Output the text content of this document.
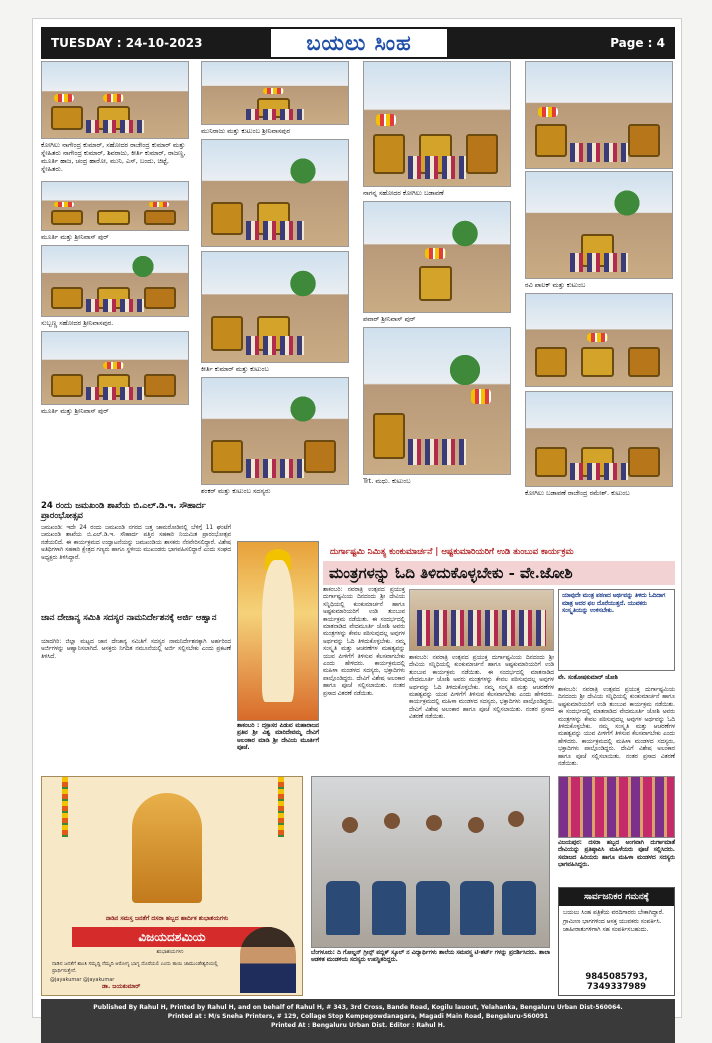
TUESDAY : 24-10-2023	ಬಯಲು ಸಿಂಹ	Page : 4
ಕೋಗಿಲು ನಾಗೇಂದ್ರ ಕುಮಾರ್, ಸಹೋದರ ರಾಜೇಂದ್ರ ಕುಮಾರ್ ಮತ್ತು ಸ್ನೇಹಿತರು ನಾಗೇಂದ್ರ ಕುಮಾರ್, ಶಿವರಾಜು, ಕೀರ್ತಿ ಕುಮಾರ್, ರಾಜಣ್ಣ, ಮೂರ್ತಿ ಹಾಜ, ಚಂದ್ರ ಹಾರೋ, ಮುನಿ, ಎಸ್, ಬಂದು, ಚಿಟ್ಟೆ, ಸ್ನೇಹಿತರು.
ಮೂರ್ತಿ ಮತ್ತು ಶ್ರೀನಿವಾಸ್ ಪುರ್
ಸುಬ್ಬಣ್ಣ ಸಹೋದರ ಶ್ರೀನಿವಾಸಪುರ.
ಮೂರ್ತಿ ಮತ್ತು ಶ್ರೀನಿವಾಸ್ ಪುರ್
ಮುನಿರಾಜು ಮತ್ತು ಕುಟುಂಬ ಶ್ರೀನಿವಾಸಪುರ
ಕೀರ್ತಿ ಕುಮಾರ್ ಮತ್ತು ಕುಟುಂಬ
ಶಂಕರ್ ಮತ್ತು ಕುಟುಂಬ ಸದಸ್ಯರು
ನಾಗನ್ನ ಸಹೋದರ ಕೋಗಿಲು ಬಡಾವಣೆ
ಪವಾರ್ ಶ್ರೀನಿವಾಸ್ ಪುರ್
Trt. ಮಧು. ಕುಟುಂಬ
ರವಿ ಪಾಲಕ್ ಮತ್ತು ಕುಟುಂಬ
ಕೋಗಿಲು ಬಡಾವಣೆ ರಾಜೇಂದ್ರ ರಮೇಶ್. ಕುಟುಂಬ
24 ರಂದು ಜಮಖಂಡಿ ಶಾಖೆಯ ಬಿ.ಎಲ್.ಡಿ.ಇ. ಸೌಹಾರ್ದ ಪ್ರಾರಂಭೋತ್ಸವ
ಜಮಖಂಡಿ: ಇದೇ 24 ರಂದು ಜಮಖಂಡಿ ನಗರದ ಜತ್ತ ಜಾಮರೋಡಿನಲ್ಲಿ ಬೆಳಿಗ್ಗೆ 11 ಘಂಟೆಗೆ ಜಮಖಂಡಿ ಶಾಖೆಯ ಬಿ.ಎಲ್.ಡಿ.ಇ. ಸೌಹಾರ್ದ ಪತ್ತಿನ ಸಹಕಾರಿ ನಿಯಮಿತ ಪ್ರಾರಂಭೋತ್ಸವ ನಡೆಯಲಿದೆ. ಈ ಕಾರ್ಯಕ್ರಮದ ಉದ್ಘಾಟನೆಯನ್ನು ಜಮಖಂಡಿಯ ಶಾಸಕರು ನೆರವೇರಿಸಲಿದ್ದಾರೆ. ವಿಶೇಷ ಅತಿಥಿಗಳಾಗಿ ಸಹಕಾರಿ ಕ್ಷೇತ್ರದ ಗಣ್ಯರು ಹಾಗೂ ಸ್ಥಳೀಯ ಮುಖಂಡರು ಭಾಗವಹಿಸಲಿದ್ದಾರೆ ಎಂದು ಸಂಘದ ಅಧ್ಯಕ್ಷರು ತಿಳಿಸಿದ್ದಾರೆ.
ಜಾನ ದೇಜಾನ್ಯ ಸಮಿತಿ ಸದಸ್ಯರ ನಾಮನಿರ್ದೇಶನಕ್ಕೆ ಅರ್ಜಿ ಆಹ್ವಾನ
ಯಾದಗಿರಿ: ಜಿಲ್ಲಾ ಮಟ್ಟದ ಜಾನ ದೇಜಾನ್ಯ ಸಮಿತಿಗೆ ಸದಸ್ಯರ ನಾಮನಿರ್ದೇಶನಕ್ಕಾಗಿ ಅರ್ಹರಿಂದ ಅರ್ಜಿಗಳನ್ನು ಆಹ್ವಾನಿಸಲಾಗಿದೆ. ಆಸಕ್ತರು ನಿಗದಿತ ನಮೂನೆಯಲ್ಲಿ ಅರ್ಜಿ ಸಲ್ಲಿಸಬೇಕು ಎಂದು ಪ್ರಕಟಣೆ ತಿಳಿಸಿದೆ.
ಶಾಕಂಬರಿ : ದಸ್ರಾಸರ ಪಿಡುವ ಮಹಾರಾಜನ ಪ್ರತಿವ ಶ್ರೀ ವಿಶ್ವ ಮಾರಿದೇವಮ್ಮ ದೇವಿಗೆ ಅಲಂಕಾರ ಮಾಡಿ ಶ್ರೀ ದೇವಿಯ ಮೂರ್ತಿಗೆ ಪೂಜೆ.
ದುರ್ಗಾಷ್ಟಮಿ ನಿಮಿತ್ಯ ಕುಂಕುಮಾರ್ಚನೆ | ಆಷ್ಟಕುಮಾರಿಯರಿಗೆ ಉಡಿ ತುಂಬುವ ಕಾರ್ಯಕ್ರಮ
ಮಂತ್ರಗಳನ್ನು ಓದಿ ತಿಳಿದುಕೊಳ್ಳಬೇಕು - ವೇ.ಜೋಶಿ
ಶಾಕಂಬರಿ: ನವರಾತ್ರಿ ಉತ್ಸವದ ಪ್ರಯುಕ್ತ ದುರ್ಗಾಷ್ಟಮಿಯ ದಿನದಂದು ಶ್ರೀ ದೇವಿಯ ಸನ್ನಿಧಿಯಲ್ಲಿ ಕುಂಕುಮಾರ್ಚನೆ ಹಾಗೂ ಅಷ್ಟಕುಮಾರಿಯರಿಗೆ ಉಡಿ ತುಂಬುವ ಕಾರ್ಯಕ್ರಮ ನಡೆಯಿತು. ಈ ಸಂದರ್ಭದಲ್ಲಿ ಮಾತನಾಡಿದ ವೇದಮೂರ್ತಿ ಜೋಶಿ ಅವರು ಮಂತ್ರಗಳನ್ನು ಕೇವಲ ಪಠಿಸುವುದಲ್ಲ ಅವುಗಳ ಅರ್ಥವನ್ನು ಓದಿ ತಿಳಿದುಕೊಳ್ಳಬೇಕು. ನಮ್ಮ ಸಂಸ್ಕೃತಿ ಮತ್ತು ಆಚರಣೆಗಳ ಮಹತ್ವವನ್ನು ಯುವ ಪೀಳಿಗೆಗೆ ತಿಳಿಸುವ ಕೆಲಸವಾಗಬೇಕು ಎಂದು ಹೇಳಿದರು. ಕಾರ್ಯಕ್ರಮದಲ್ಲಿ ಮಹಿಳಾ ಮಂಡಳದ ಸದಸ್ಯರು, ಭಕ್ತಾದಿಗಳು ಪಾಲ್ಗೊಂಡಿದ್ದರು. ದೇವಿಗೆ ವಿಶೇಷ ಅಲಂಕಾರ ಹಾಗೂ ಪೂಜೆ ಸಲ್ಲಿಸಲಾಯಿತು. ನಂತರ ಪ್ರಸಾದ ವಿತರಣೆ ನಡೆಯಿತು.
ಶಾಕಂಬರಿ: ನವರಾತ್ರಿ ಉತ್ಸವದ ಪ್ರಯುಕ್ತ ದುರ್ಗಾಷ್ಟಮಿಯ ದಿನದಂದು ಶ್ರೀ ದೇವಿಯ ಸನ್ನಿಧಿಯಲ್ಲಿ ಕುಂಕುಮಾರ್ಚನೆ ಹಾಗೂ ಅಷ್ಟಕುಮಾರಿಯರಿಗೆ ಉಡಿ ತುಂಬುವ ಕಾರ್ಯಕ್ರಮ ನಡೆಯಿತು. ಈ ಸಂದರ್ಭದಲ್ಲಿ ಮಾತನಾಡಿದ ವೇದಮೂರ್ತಿ ಜೋಶಿ ಅವರು ಮಂತ್ರಗಳನ್ನು ಕೇವಲ ಪಠಿಸುವುದಲ್ಲ ಅವುಗಳ ಅರ್ಥವನ್ನು ಓದಿ ತಿಳಿದುಕೊಳ್ಳಬೇಕು. ನಮ್ಮ ಸಂಸ್ಕೃತಿ ಮತ್ತು ಆಚರಣೆಗಳ ಮಹತ್ವವನ್ನು ಯುವ ಪೀಳಿಗೆಗೆ ತಿಳಿಸುವ ಕೆಲಸವಾಗಬೇಕು ಎಂದು ಹೇಳಿದರು. ಕಾರ್ಯಕ್ರಮದಲ್ಲಿ ಮಹಿಳಾ ಮಂಡಳದ ಸದಸ್ಯರು, ಭಕ್ತಾದಿಗಳು ಪಾಲ್ಗೊಂಡಿದ್ದರು. ದೇವಿಗೆ ವಿಶೇಷ ಅಲಂಕಾರ ಹಾಗೂ ಪೂಜೆ ಸಲ್ಲಿಸಲಾಯಿತು. ನಂತರ ಪ್ರಸಾದ ವಿತರಣೆ ನಡೆಯಿತು.
ಯಾವುದೇ ಮಂತ್ರ ಪಠಣದ ಅರ್ಥವನ್ನು ತಿಳಿದು ಓದಿದಾಗ ಮಾತ್ರ ಅದರ ಫಲ ದೊರೆಯುತ್ತದೆ. ಯುವಕರು ಸಂಸ್ಕೃತಿಯನ್ನು ಉಳಿಸಬೇಕು.
ವೇ. ಸಂತೋಷಕುಮಾರ್ ಜೋಶಿ
ಶಾಕಂಬರಿ: ನವರಾತ್ರಿ ಉತ್ಸವದ ಪ್ರಯುಕ್ತ ದುರ್ಗಾಷ್ಟಮಿಯ ದಿನದಂದು ಶ್ರೀ ದೇವಿಯ ಸನ್ನಿಧಿಯಲ್ಲಿ ಕುಂಕುಮಾರ್ಚನೆ ಹಾಗೂ ಅಷ್ಟಕುಮಾರಿಯರಿಗೆ ಉಡಿ ತುಂಬುವ ಕಾರ್ಯಕ್ರಮ ನಡೆಯಿತು. ಈ ಸಂದರ್ಭದಲ್ಲಿ ಮಾತನಾಡಿದ ವೇದಮೂರ್ತಿ ಜೋಶಿ ಅವರು ಮಂತ್ರಗಳನ್ನು ಕೇವಲ ಪಠಿಸುವುದಲ್ಲ ಅವುಗಳ ಅರ್ಥವನ್ನು ಓದಿ ತಿಳಿದುಕೊಳ್ಳಬೇಕು. ನಮ್ಮ ಸಂಸ್ಕೃತಿ ಮತ್ತು ಆಚರಣೆಗಳ ಮಹತ್ವವನ್ನು ಯುವ ಪೀಳಿಗೆಗೆ ತಿಳಿಸುವ ಕೆಲಸವಾಗಬೇಕು ಎಂದು ಹೇಳಿದರು. ಕಾರ್ಯಕ್ರಮದಲ್ಲಿ ಮಹಿಳಾ ಮಂಡಳದ ಸದಸ್ಯರು, ಭಕ್ತಾದಿಗಳು ಪಾಲ್ಗೊಂಡಿದ್ದರು. ದೇವಿಗೆ ವಿಶೇಷ ಅಲಂಕಾರ ಹಾಗೂ ಪೂಜೆ ಸಲ್ಲಿಸಲಾಯಿತು. ನಂತರ ಪ್ರಸಾದ ವಿತರಣೆ ನಡೆಯಿತು.
ನಾಡಿನ ಸಮಸ್ತ ಜನತೆಗೆ ದಸರಾ ಹಬ್ಬದ ಹಾರ್ದಿಕ ಶುಭಾಶಯಗಳು
ವಿಜಯದಶಮಿಯ
ಶುಭಾಶಯಗಳು
ನಾಡಿನ ಜನತೆಗೆ ಶಾಂತಿ ಸಮೃದ್ಧಿ ನೆಮ್ಮದಿ ಆರೋಗ್ಯ ಭಾಗ್ಯ ದೊರೆಯಲಿ ಎಂದು ತಾಯಿ ಚಾಮುಂಡೇಶ್ವರಿಯಲ್ಲಿ ಪ್ರಾರ್ಥಿಸುತ್ತೇನೆ.
@jayakumar @jayakumar
ಡಾ. ಜಯಕುಮಾರ್
ಬೆಂಗಳೂರು: ದಿ ಗೋಲ್ಡನ್ ಗ್ರೀನ್ಸ್ ಪಬ್ಲಿಕ್ ಸ್ಕೂಲ್ ನ ವಿದ್ಯಾರ್ಥಿಗಳು ಶಾಲೆಯ ಸಮವಸ್ತ್ರ ಟಿ-ಶರ್ಟ್ ಗಳನ್ನು ಪ್ರದರ್ಶಿಸಿದರು. ಶಾಲಾ ಆಡಳಿತ ಮಂಡಳಿಯ ಸದಸ್ಯರು ಉಪಸ್ಥಿತರಿದ್ದರು.
ವಿಜಯಪುರ: ದಸರಾ ಹಬ್ಬದ ಅಂಗವಾಗಿ ದುರ್ಗಾಮಾತೆ ದೇವಿಯನ್ನು ಪ್ರತಿಷ್ಠಾಪಿಸಿ ಮಹಿಳೆಯರು ಪೂಜೆ ಸಲ್ಲಿಸಿದರು. ಸಮಾಜದ ಹಿರಿಯರು ಹಾಗೂ ಮಹಿಳಾ ಮಂಡಳದ ಸದಸ್ಯರು ಭಾಗವಹಿಸಿದ್ದರು.
ಸಾರ್ವಜನಿಕರ ಗಮನಕ್ಕೆ
ಬಯಲು ಸಿಂಹ ಪತ್ರಿಕೆಯ ವರದಿಗಾರರು ಬೇಕಾಗಿದ್ದಾರೆ. ಗ್ರಾಮೀಣ ಭಾಗಗಳಿಂದ ಆಸಕ್ತ ಯುವಕರು ಸಂಪರ್ಕಿಸಿ. ಜಾಹೀರಾತುಗಳಿಗಾಗಿ ಸಹ ಸಂಪರ್ಕಿಸಬಹುದು.
9845085793, 7349337989
Published By Rahul H, Printed by Rahul H, and on behalf of Rahul H, # 343, 3rd Cross, Bande Road, Kogilu lauout, Yelahanka, Bengaluru Urban Dist-560064.
Printed at : M/s Sneha Printers, # 129, Collage Stop Kempegowdanagara, Magadi Main Road, Bengaluru-560091
Printed At : Bengaluru Urban Dist. Editor : Rahul H.
